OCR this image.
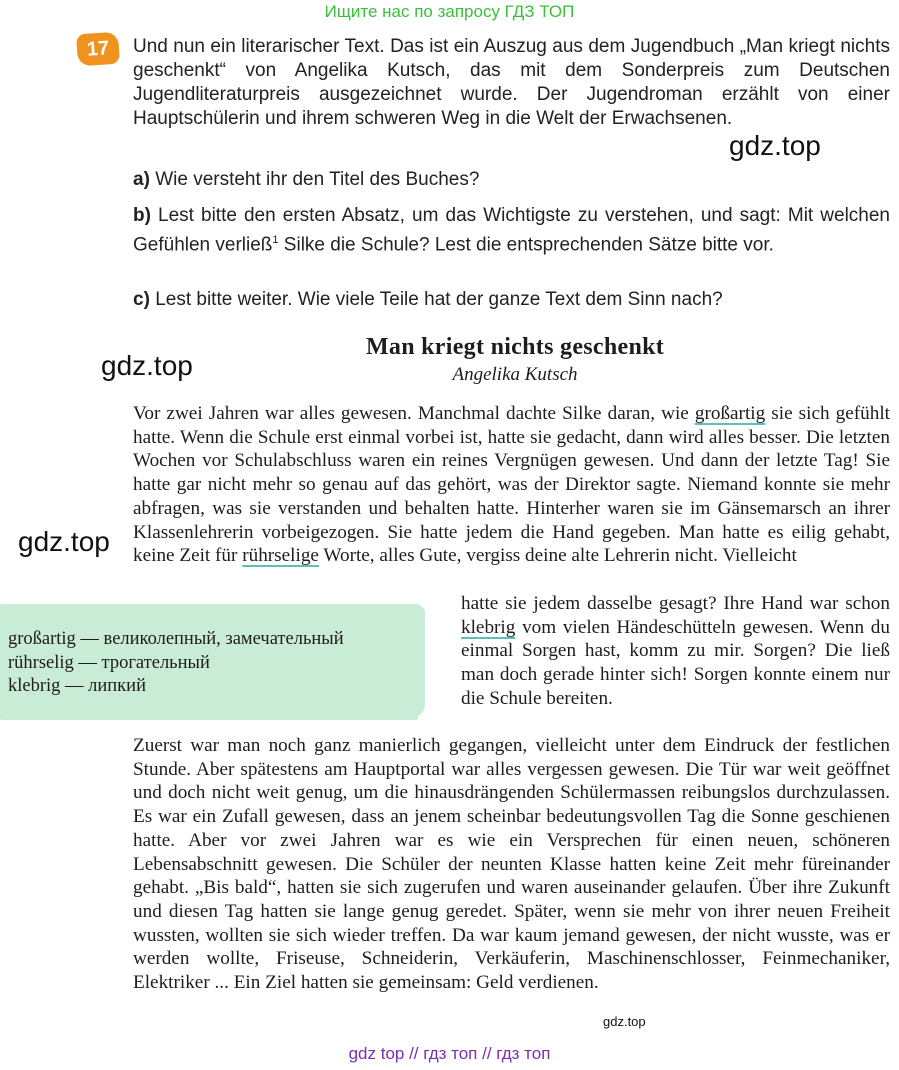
Ищите нас по запросу ГДЗ ТОП
17	Und nun ein literarischer Text. Das ist ein Auszug aus dem Jugendbuch „Man kriegt nichts geschenkt“ von Angelika Kutsch, das mit dem Sonderpreis zum Deutschen Jugendliteraturpreis ausgezeichnet wurde. Der Jugendroman erzählt von einer Hauptschülerin und ihrem schweren Weg in die Welt der Erwachsenen.
a) Wie versteht ihr den Titel des Buches?
b) Lest bitte den ersten Absatz, um das Wichtigste zu verstehen, und sagt: Mit welchen Gefühlen verließ$^1$ Silke die Schule? Lest die entsprechenden Sätze bitte vor.
c) Lest bitte weiter. Wie viele Teile hat der ganze Text dem Sinn nach?
gdz.top
gdz.top
gdz.top
Man kriegt nichts geschenkt
Angelika Kutsch
Vor zwei Jahren war alles gewesen. Manchmal dachte Silke daran, wie großartig sie sich gefühlt hatte. Wenn die Schule erst einmal vorbei ist, hatte sie gedacht, dann wird alles besser. Die letzten Wochen vor Schulabschluss waren ein reines Vergnügen gewesen. Und dann der letzte Tag! Sie hatte gar nicht mehr so genau auf das gehört, was der Direktor sagte. Niemand konnte sie mehr abfragen, was sie verstanden und behalten hatte. Hinterher waren sie im Gänsemarsch an ihrer Klassenlehrerin vorbeigezogen. Sie hatte jedem die Hand gegeben. Man hatte es eilig gehabt, keine Zeit für rührselige Worte, alles Gute, vergiss deine alte Lehrerin nicht. Vielleicht
großartig — великолепный, замечательный
rührselig — трогательный
klebrig — липкий
hatte sie jedem dasselbe gesagt? Ihre Hand war schon klebrig vom vielen Händeschütteln gewesen. Wenn du einmal Sorgen hast, komm zu mir. Sorgen? Die ließ man doch gerade hinter sich! Sorgen konnte einem nur die Schule bereiten.
Zuerst war man noch ganz manierlich gegangen, vielleicht unter dem Eindruck der festlichen Stunde. Aber spätestens am Hauptportal war alles vergessen gewesen. Die Tür war weit geöffnet und doch nicht weit genug, um die hinausdrängenden Schülermassen reibungslos durchzulassen. Es war ein Zufall gewesen, dass an jenem scheinbar bedeutungsvollen Tag die Sonne geschienen hatte. Aber vor zwei Jahren war es wie ein Versprechen für einen neuen, schöneren Lebensabschnitt gewesen. Die Schüler der neunten Klasse hatten keine Zeit mehr füreinander gehabt. „Bis bald“, hatten sie sich zugerufen und waren auseinander gelaufen. Über ihre Zukunft und diesen Tag hatten sie lange genug geredet. Später, wenn sie mehr von ihrer neuen Freiheit wussten, wollten sie sich wieder treffen. Da war kaum jemand gewesen, der nicht wusste, was er werden wollte, Friseuse, Schneiderin, Verkäuferin, Maschinenschlosser, Feinmechaniker, Elektriker ... Ein Ziel hatten sie gemeinsam: Geld verdienen.
gdz.top
gdz top // гдз топ // гдз топ
